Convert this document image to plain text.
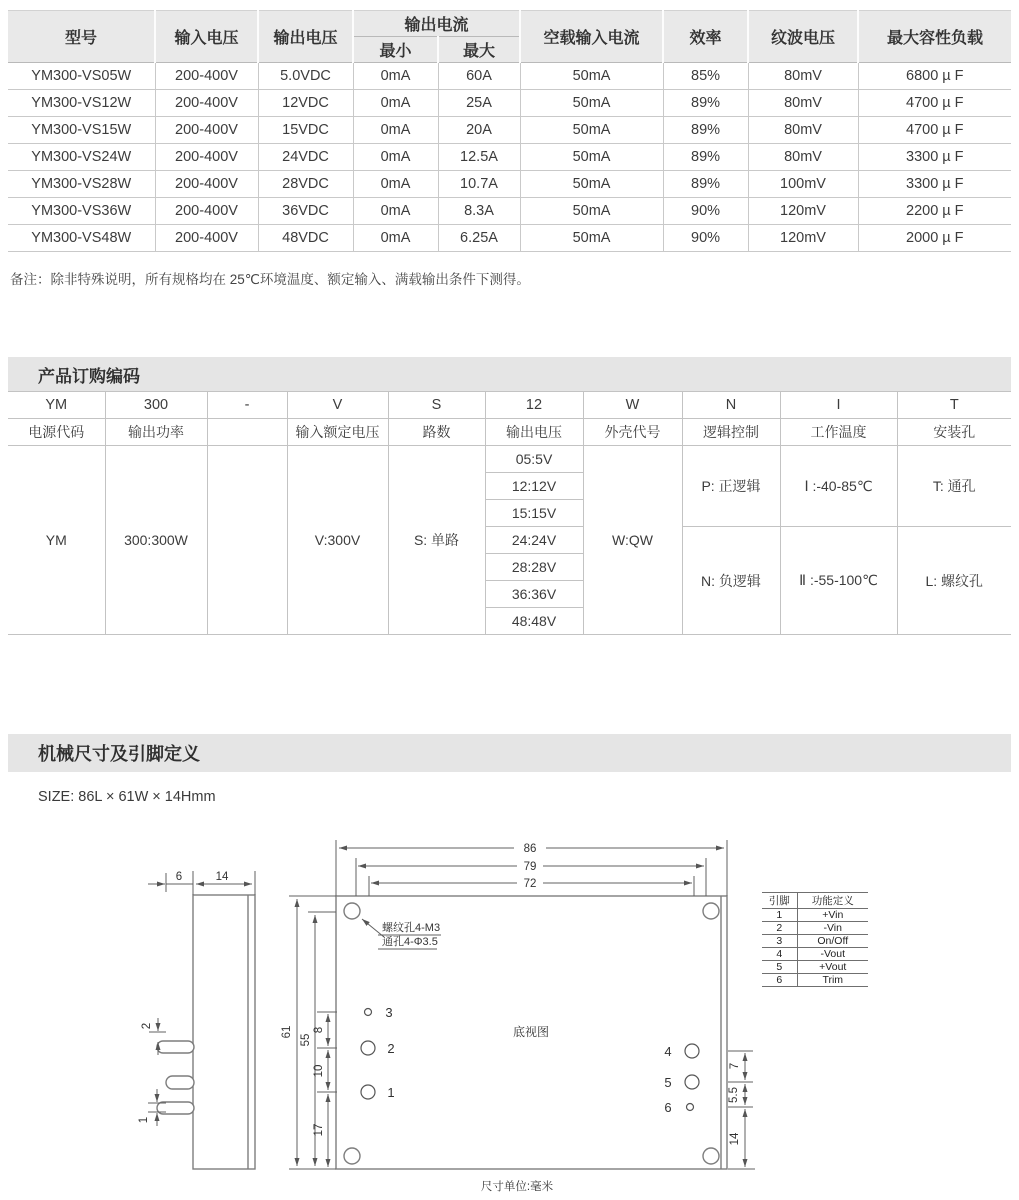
型号	输入电压	输出电压	输出电流		空载输入电流	效率	纹波电压	最大容性负载
			最小	最大				
YM300-VS05W	200-400V	5.0VDC	0mA	60A	50mA	85%	80mV	6800 µ F
YM300-VS12W	200-400V	12VDC	0mA	25A	50mA	89%	80mV	4700 µ F
YM300-VS15W	200-400V	15VDC	0mA	20A	50mA	89%	80mV	4700 µ F
YM300-VS24W	200-400V	24VDC	0mA	12.5A	50mA	89%	80mV	3300 µ F
YM300-VS28W	200-400V	28VDC	0mA	10.7A	50mA	89%	100mV	3300 µ F
YM300-VS36W	200-400V	36VDC	0mA	8.3A	50mA	90%	120mV	2200 µ F
YM300-VS48W	200-400V	48VDC	0mA	6.25A	50mA	90%	120mV	2000 µ F
备注：除非特殊说明，所有规格均在 25℃环境温度、额定输入、满载输出条件下测得。
产品订购编码
YM	300	-	V	S	12	W	N	I	T
电源代码	输出功率		输入额定电压	路数	输出电压	外壳代号	逻辑控制	工作温度	安装孔
YM	300:300W		V:300V	S: 单路	05:5V	W:QW	P: 正逻辑	Ⅰ :-40-85℃	T: 通孔
					12:12V				
					15:15V				
					24:24V		N: 负逻辑	Ⅱ :-55-100℃	L: 螺纹孔
					28:28V				
					36:36V				
					48:48V				
机械尺寸及引脚定义
SIZE: 86L × 61W × 14Hmm
3
2
1
4
5
6
86
79
72
6	14
61
55
8
10
17
2
1
7
5.5
14
螺纹孔4-M3
通孔4-Φ3.5
底视图
尺寸单位:毫米
引脚	功能定义
1	+Vin
2	-Vin
3	On/Off
4	-Vout
5	+Vout
6	Trim
